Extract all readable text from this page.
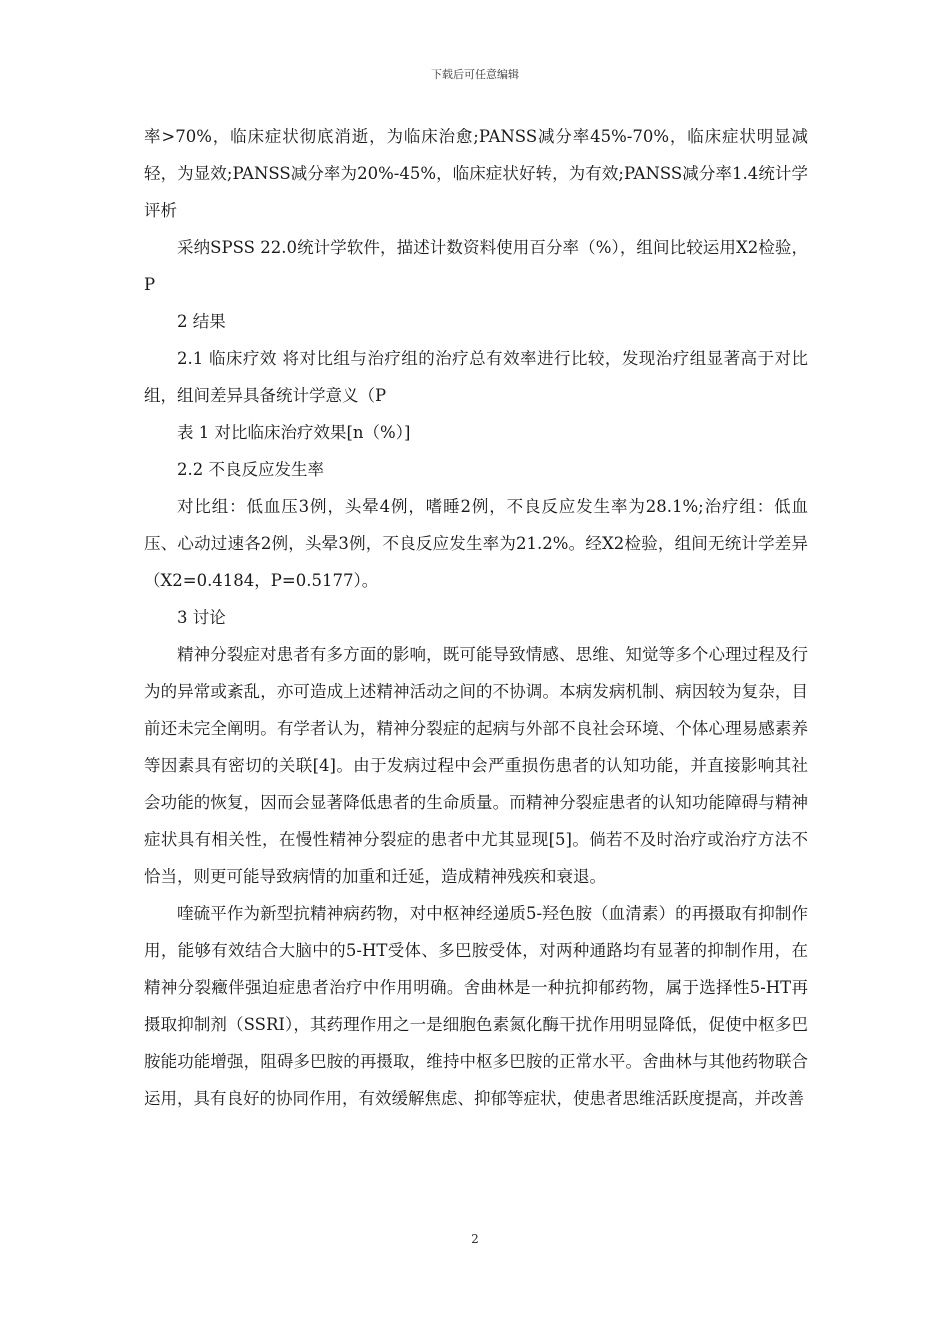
下载后可任意编辑

率>70%，临床症状彻底消逝，为临床治愈;PANSS减分率45%-70%，临床症状明显减轻，为显效;PANSS减分率为20%-45%，临床症状好转，为有效;PANSS减分率1.4统计学评析

采纳SPSS 22.0统计学软件，描述计数资料使用百分率（%），组间比较运用X2检验，P

2 结果

2.1 临床疗效 将对比组与治疗组的治疗总有效率进行比较，发现治疗组显著高于对比组，组间差异具备统计学意义（P

表 1 对比临床治疗效果[n（%）]

2.2 不良反应发生率

对比组：低血压3例，头晕4例，嗜睡2例，不良反应发生率为28.1%;治疗组：低血压、心动过速各2例，头晕3例，不良反应发生率为21.2%。经X2检验，组间无统计学差异（X2=0.4184，P=0.5177）。

3 讨论

精神分裂症对患者有多方面的影响，既可能导致情感、思维、知觉等多个心理过程及行为的异常或紊乱，亦可造成上述精神活动之间的不协调。本病发病机制、病因较为复杂，目前还未完全阐明。有学者认为，精神分裂症的起病与外部不良社会环境、个体心理易感素养等因素具有密切的关联[4]。由于发病过程中会严重损伤患者的认知功能，并直接影响其社会功能的恢复，因而会显著降低患者的生命质量。而精神分裂症患者的认知功能障碍与精神症状具有相关性，在慢性精神分裂症的患者中尤其显现[5]。倘若不及时治疗或治疗方法不恰当，则更可能导致病情的加重和迁延，造成精神残疾和衰退。

喹硫平作为新型抗精神病药物，对中枢神经递质5-羟色胺（血清素）的再摄取有抑制作用，能够有效结合大脑中的5-HT受体、多巴胺受体，对两种通路均有显著的抑制作用，在精神分裂癥伴强迫症患者治疗中作用明确。舍曲林是一种抗抑郁药物，属于选择性5-HT再摄取抑制剂（SSRI），其药理作用之一是细胞色素氮化酶干扰作用明显降低，促使中枢多巴胺能功能增强，阻碍多巴胺的再摄取，维持中枢多巴胺的正常水平。舍曲林与其他药物联合运用，具有良好的协同作用，有效缓解焦虑、抑郁等症状，使患者思维活跃度提高，并改善

2
